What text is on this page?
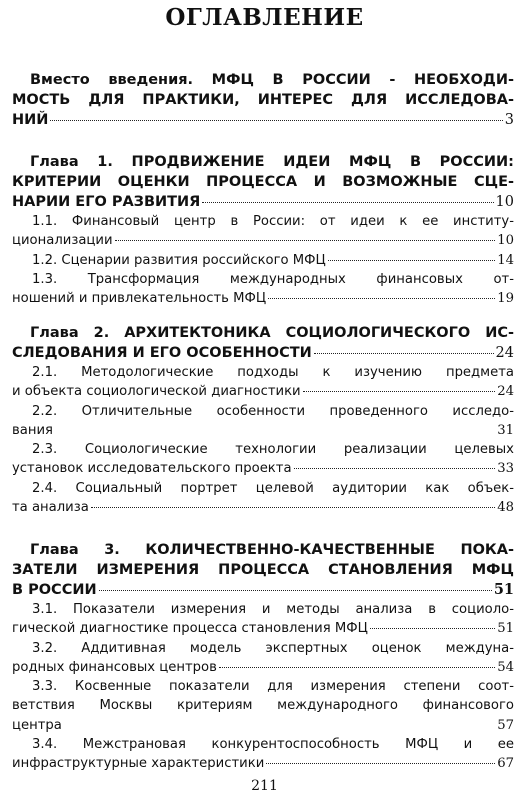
ОГЛАВЛЕНИЕ
Вместо введения. МФЦ В РОССИИ - НЕОБХОДИ-
МОСТЬ ДЛЯ ПРАКТИКИ, ИНТЕРЕС ДЛЯ ИССЛЕДОВА-
НИЙ	3
Глава 1. ПРОДВИЖЕНИЕ ИДЕИ МФЦ В РОССИИ:
КРИТЕРИИ ОЦЕНКИ ПРОЦЕССА И ВОЗМОЖНЫЕ СЦЕ-
НАРИИ ЕГО РАЗВИТИЯ	10
1.1. Финансовый центр в России: от идеи к ее институ-
ционализации	10
1.2. Сценарии развития российского МФЦ	14
1.3. Трансформация международных финансовых от-
ношений и привлекательность МФЦ	19
Глава 2. АРХИТЕКТОНИКА СОЦИОЛОГИЧЕСКОГО ИС-
СЛЕДОВАНИЯ И ЕГО ОСОБЕННОСТИ	24
2.1. Методологические подходы к изучению предмета
и объекта социологической диагностики	24
2.2. Отличительные особенности проведенного исследо-
вания	31
2.3. Социологические технологии реализации целевых
установок исследовательского проекта	33
2.4. Социальный портрет целевой аудитории как объек-
та анализа	48
Глава 3. КОЛИЧЕСТВЕННО-КАЧЕСТВЕННЫЕ ПОКА-
ЗАТЕЛИ ИЗМЕРЕНИЯ ПРОЦЕССА СТАНОВЛЕНИЯ МФЦ
В РОССИИ	51
3.1. Показатели измерения и методы анализа в социоло-
гической диагностике процесса становления МФЦ	51
3.2. Аддитивная модель экспертных оценок междуна-
родных финансовых центров	54
3.3. Косвенные показатели для измерения степени соот-
ветствия Москвы критериям международного финансового
центра	57
3.4. Межстрановая конкурентоспособность МФЦ и ее
инфраструктурные характеристики	67
211
